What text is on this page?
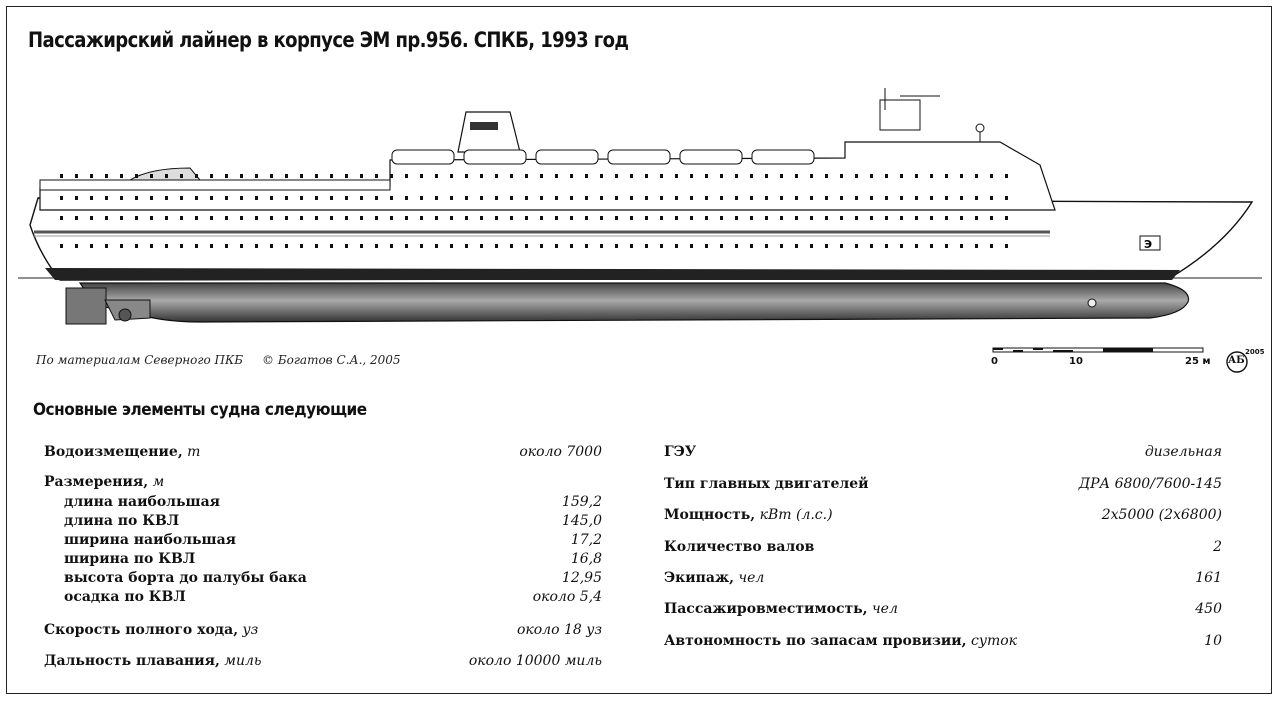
Пассажирский лайнер в корпусе ЭМ пр.956. СПКБ, 1993 год
Э
По материалам Северного ПКБ © Богатов С.А., 2005	0	10	25 м АБ
2005
Основные элементы судна следующие
Водоизмещение, т	около 7000
Размерения, м
длина наибольшая	159,2
длина по КВЛ	145,0
ширина наибольшая	17,2
ширина по КВЛ	16,8
высота борта до палубы бака	12,95
осадка по КВЛ	около 5,4
Скорость полного хода, уз	около 18 уз
Дальность плавания, миль	около 10000 миль
ГЭУ	дизельная
Тип главных двигателей	ДРА 6800/7600-145
Мощность, кВт (л.с.)	2х5000 (2х6800)
Количество валов	2
Экипаж, чел	161
Пассажировместимость, чел	450
Автономность по запасам провизии, суток	10
